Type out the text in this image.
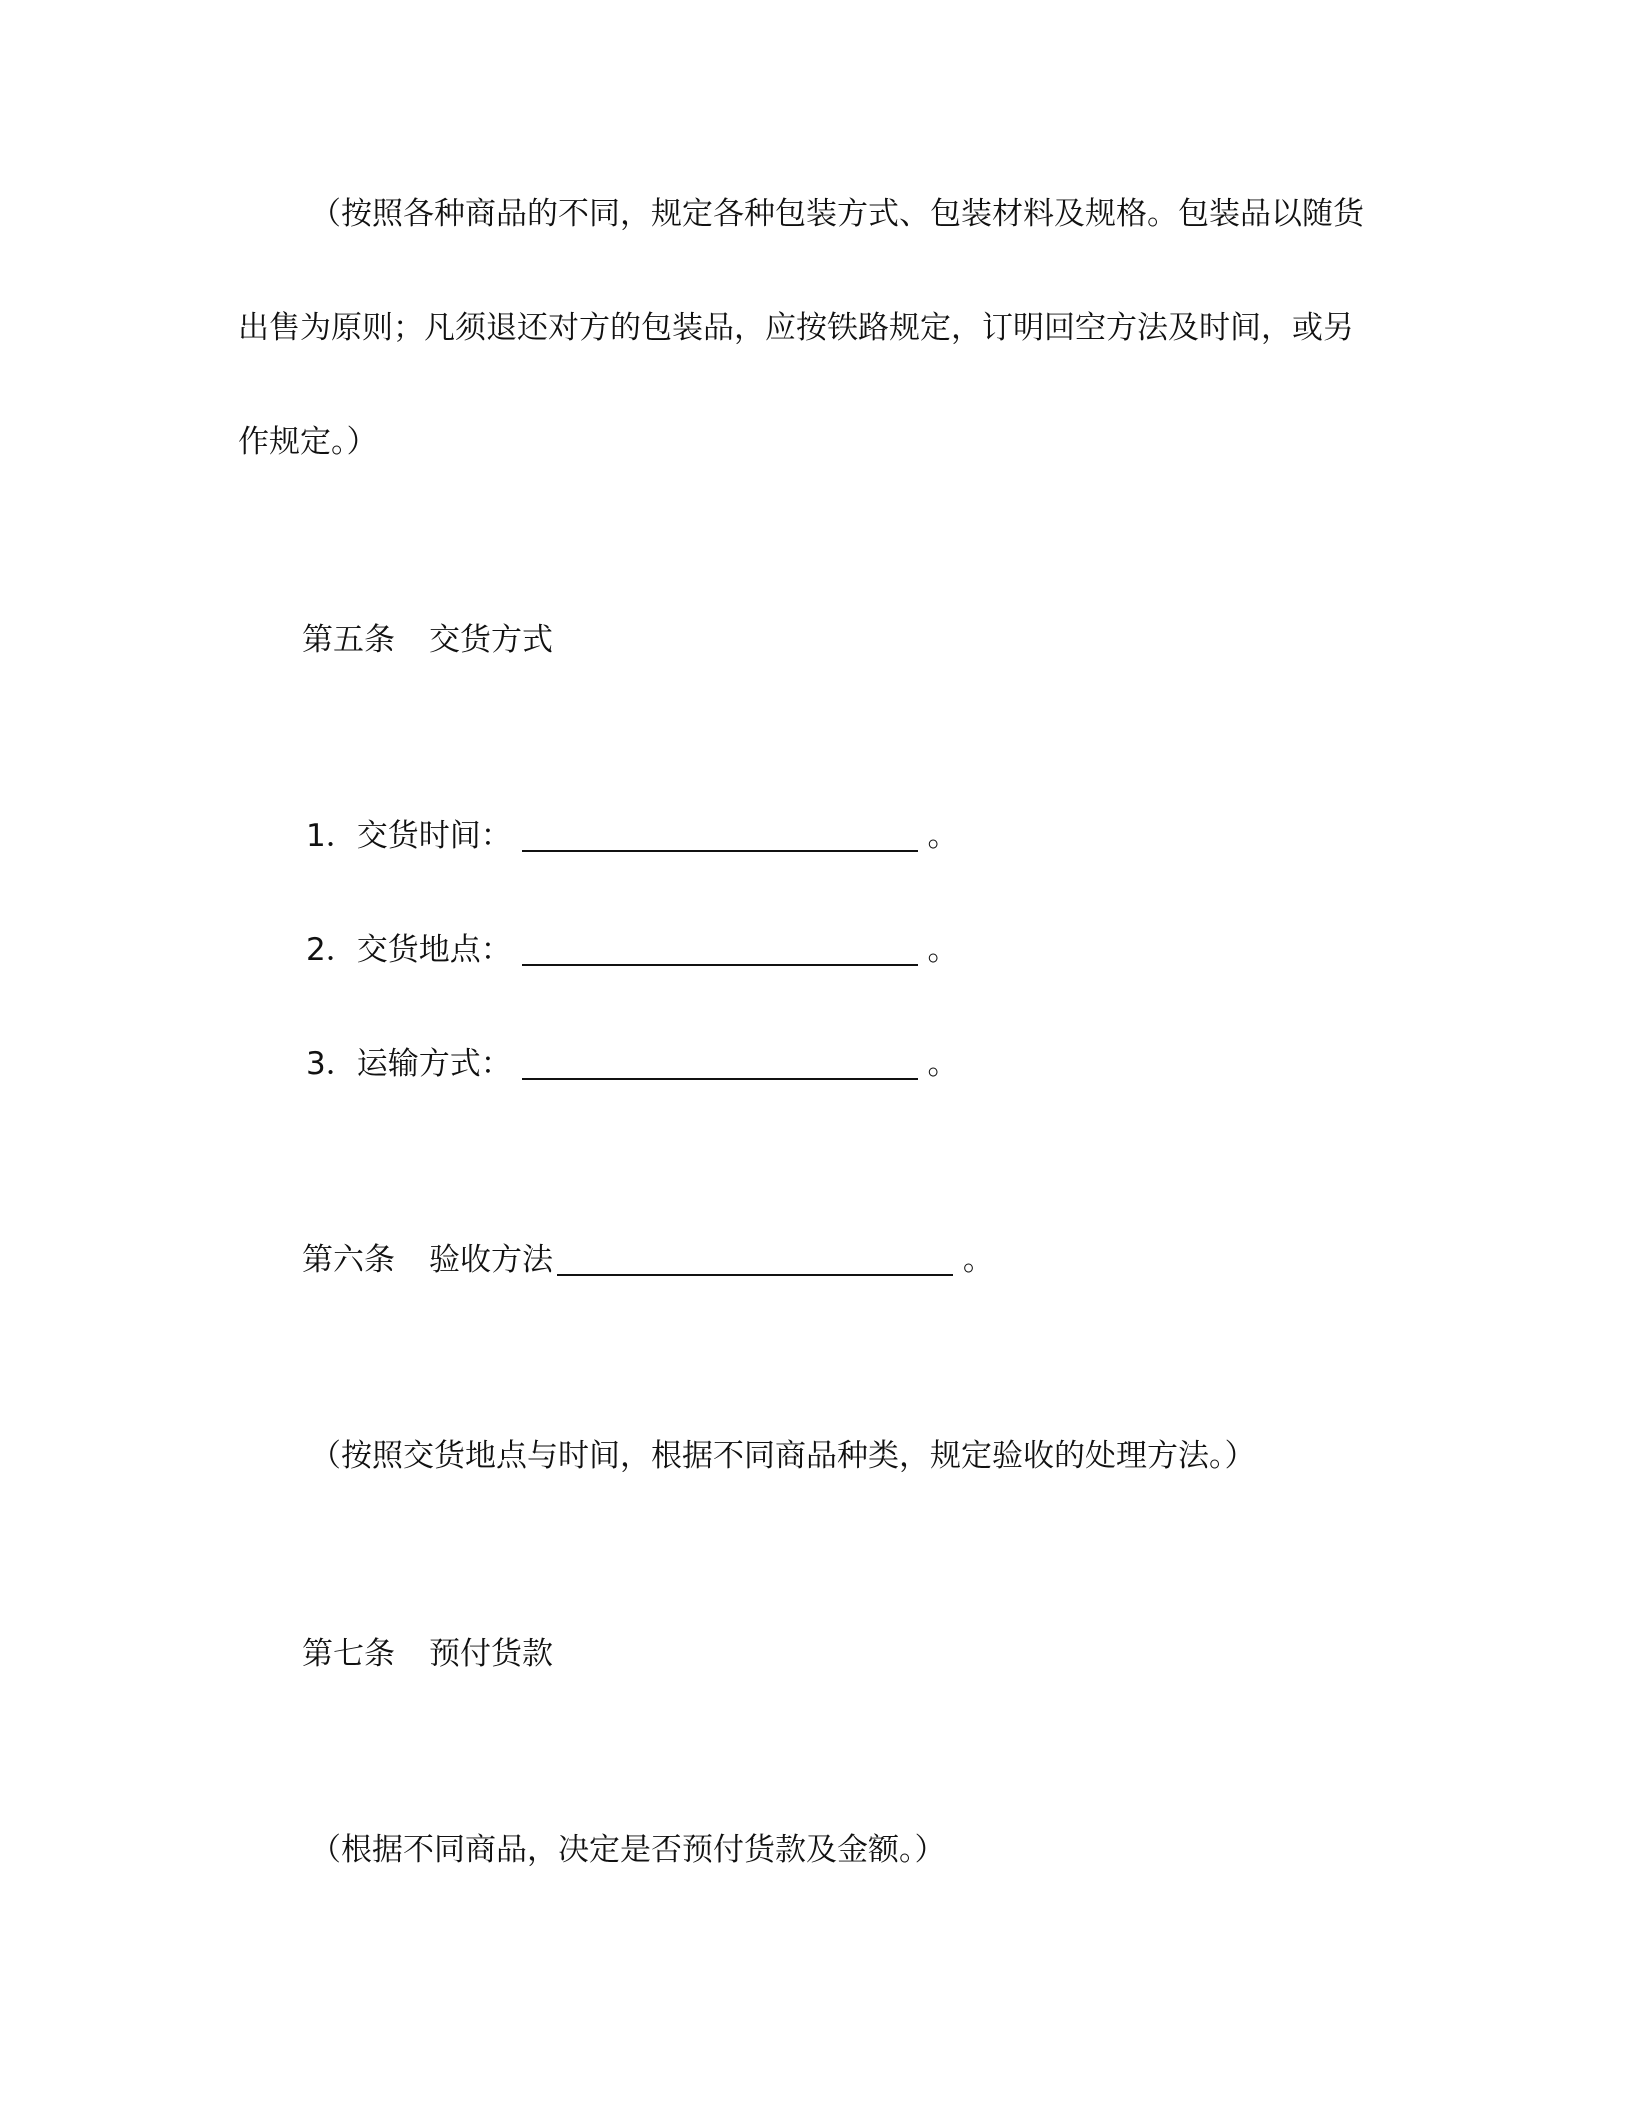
（按照各种商品的不同，规定各种包装方式、包装材料及规格。包装品以随货
出售为原则；凡须退还对方的包装品，应按铁路规定，订明回空方法及时间，或另
作规定。）
第五条 交货方式
1．交货时间：	。
2．交货地点：	。
3．运输方式：	。
第六条 验收方法	。
（按照交货地点与时间，根据不同商品种类，规定验收的处理方法。）
第七条 预付货款
（根据不同商品，决定是否预付货款及金额。）
